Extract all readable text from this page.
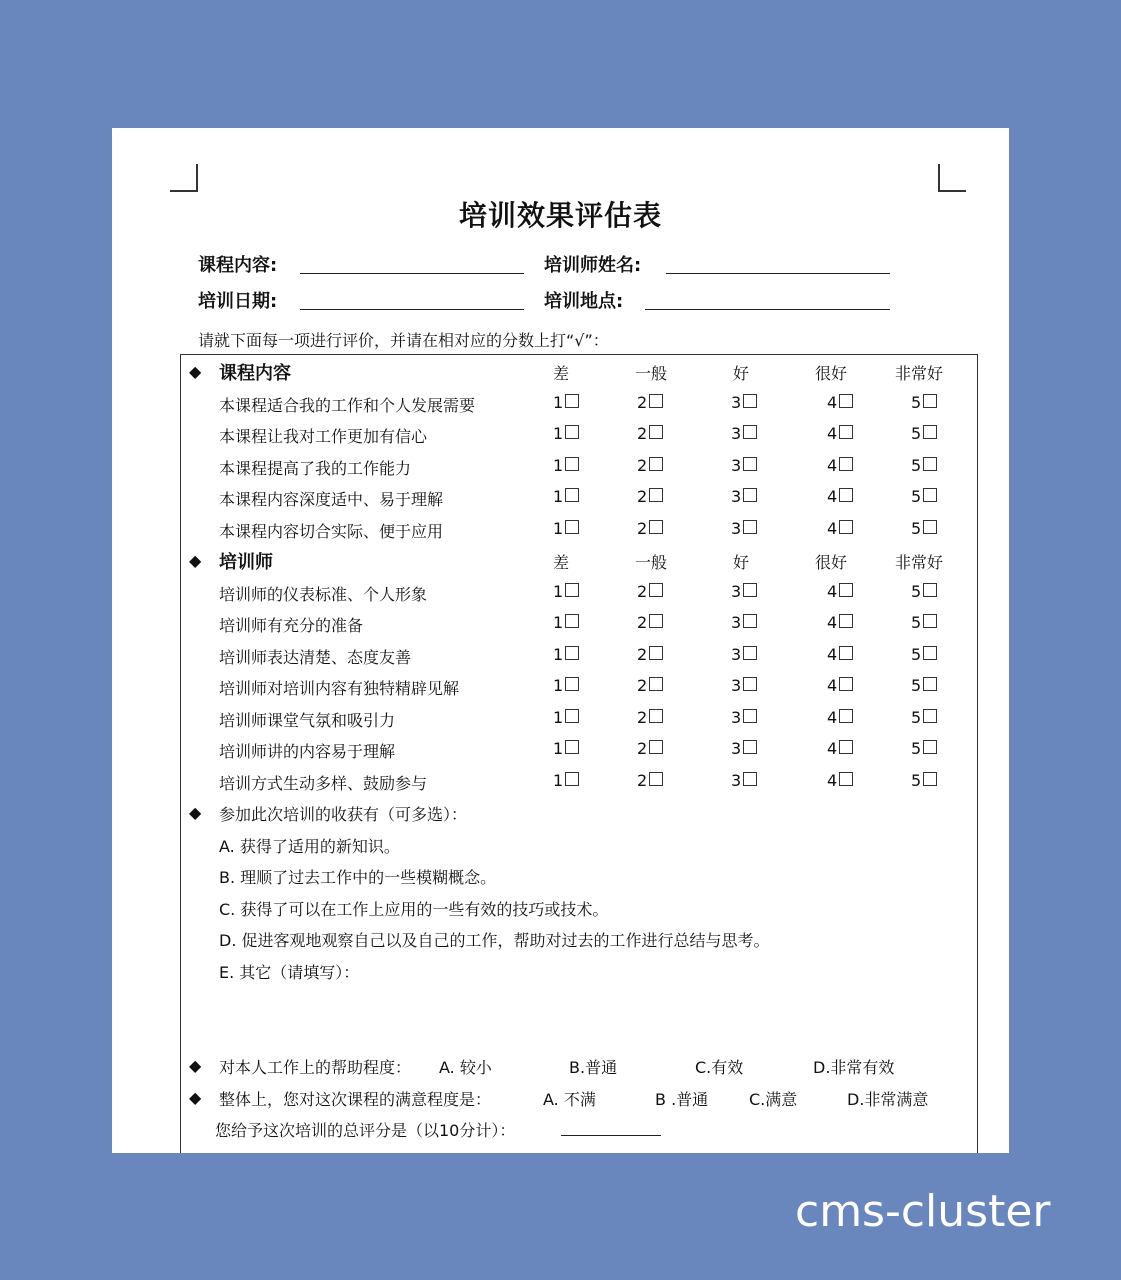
培训效果评估表
课程内容:	培训师姓名:
培训日期:	培训地点:
请就下面每一项进行评价，并请在相对应的分数上打“√”：
◆ 课程内容	差	一般	好	很好	非常好
本课程适合我的工作和个人发展需要	1	2	3	4	5
本课程让我对工作更加有信心	1	2	3	4	5
本课程提高了我的工作能力	1	2	3	4	5
本课程内容深度适中、易于理解	1	2	3	4	5
本课程内容切合实际、便于应用	1	2	3	4	5
◆ 培训师	差	一般	好	很好	非常好
培训师的仪表标准、个人形象	1	2	3	4	5
培训师有充分的准备	1	2	3	4	5
培训师表达清楚、态度友善	1	2	3	4	5
培训师对培训内容有独特精辟见解	1	2	3	4	5
培训师课堂气氛和吸引力	1	2	3	4	5
培训师讲的内容易于理解	1	2	3	4	5
培训方式生动多样、鼓励参与	1	2	3	4	5
◆ 参加此次培训的收获有（可多选）：
A. 获得了适用的新知识。
B. 理顺了过去工作中的一些模糊概念。
C. 获得了可以在工作上应用的一些有效的技巧或技术。
D. 促进客观地观察自己以及自己的工作，帮助对过去的工作进行总结与思考。
E. 其它（请填写）：
◆ 对本人工作上的帮助程度： A. 较小	B.普通	C.有效	D.非常有效
◆ 整体上，您对这次课程的满意程度是：	A. 不满	B .普通	C.满意	D.非常满意
您给予这次培训的总评分是（以10分计）：
cms-cluster
